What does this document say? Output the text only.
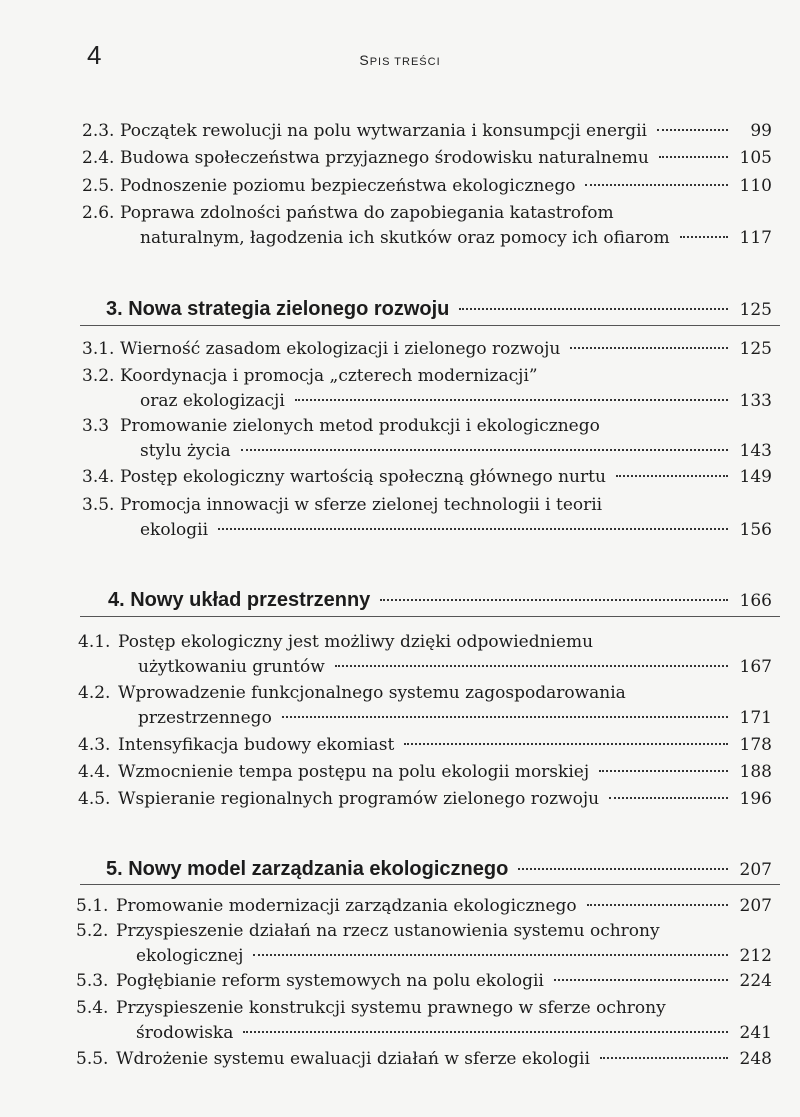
4	SPIS TREŚCI
2.3. Początek rewolucji na polu wytwarzania i konsumpcji energii	99
2.4. Budowa społeczeństwa przyjaznego środowisku naturalnemu	105
2.5. Podnoszenie poziomu bezpieczeństwa ekologicznego	110
2.6. Poprawa zdolności państwa do zapobiegania katastrofom
naturalnym, łagodzenia ich skutków oraz pomocy ich ofiarom	117
3. Nowa strategia zielonego rozwoju	125
3.1. Wierność zasadom ekologizacji i zielonego rozwoju	125
3.2. Koordynacja i promocja „czterech modernizacji”
oraz ekologizacji	133
3.3 Promowanie zielonych metod produkcji i ekologicznego
stylu życia	143
3.4. Postęp ekologiczny wartością społeczną głównego nurtu	149
3.5. Promocja innowacji w sferze zielonej technologii i teorii
ekologii	156
4. Nowy układ przestrzenny	166
4.1. Postęp ekologiczny jest możliwy dzięki odpowiedniemu
użytkowaniu gruntów	167
4.2. Wprowadzenie funkcjonalnego systemu zagospodarowania
przestrzennego	171
4.3. Intensyfikacja budowy ekomiast	178
4.4. Wzmocnienie tempa postępu na polu ekologii morskiej	188
4.5. Wspieranie regionalnych programów zielonego rozwoju	196
5. Nowy model zarządzania ekologicznego	207
5.1. Promowanie modernizacji zarządzania ekologicznego	207
5.2. Przyspieszenie działań na rzecz ustanowienia systemu ochrony
ekologicznej	212
5.3. Pogłębianie reform systemowych na polu ekologii	224
5.4. Przyspieszenie konstrukcji systemu prawnego w sferze ochrony
środowiska	241
5.5. Wdrożenie systemu ewaluacji działań w sferze ekologii	248
